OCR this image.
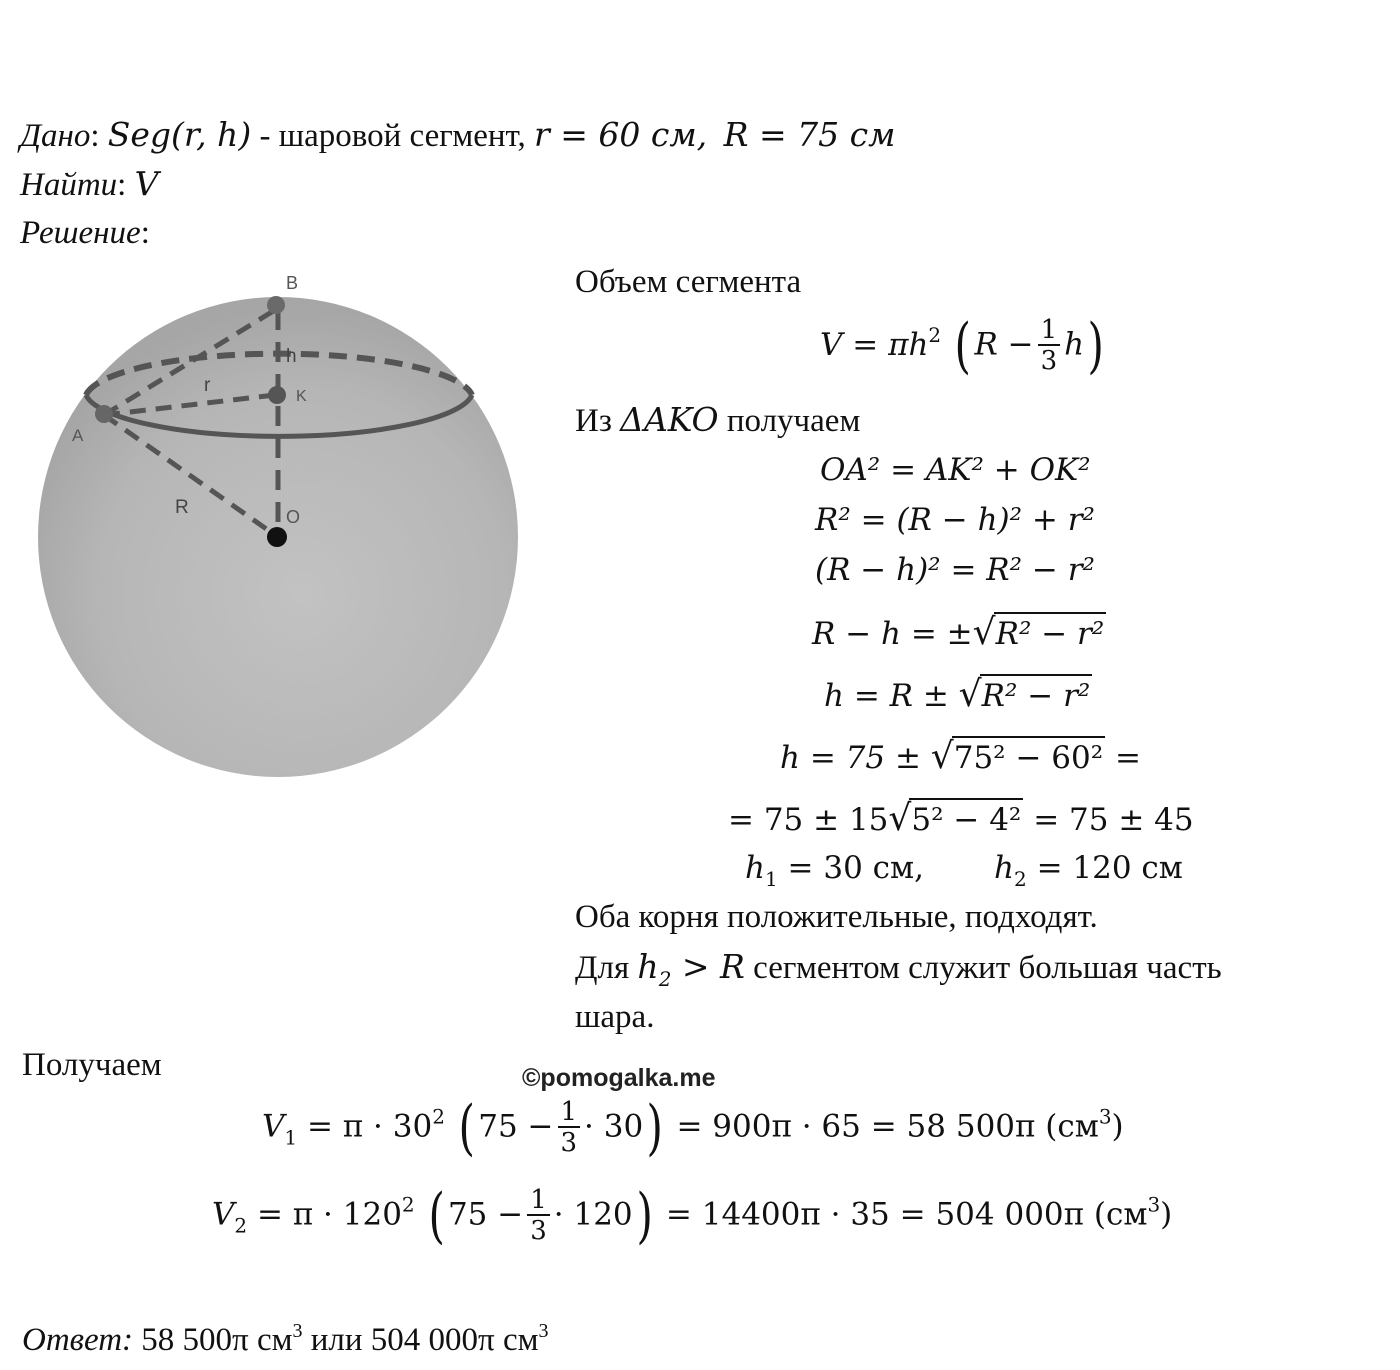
Дано: Seg(r, h) - шаровой сегмент, r = 60 см, R = 75 см
Найти: V
Решение:
B
h
r
K
A
R	O
Объем сегмента
$V = \pi h^2$ ( $R - \frac{1}{3} h$)
Из ΔAKO получаем
OA² = AK² + OK²
R² = (R − h)² + r²
(R − h)² = R² − r²
R − h = ±√R² − r²
h = R ± √R² − r²
h = 75 ± √75² − 60² =
= 75 ± 15√5² − 4² = 75 ± 45
$h_1 = 30$ см, $h_2 = 120$ см
Оба корня положительные, подходят.
Для $h_2 > R$ сегментом служит большая часть
шара.
Получаем	©pomogalka.me
$V_1 = \pi \cdot 30^2$ ( $75 - \frac{1}{3} \cdot 30) = 900\pi \cdot 65 = 58$ 500π $(см^3)$
$V_2 = \pi \cdot 120^2$ ( $75 - \frac{1}{3} \cdot 120) = 14400\pi \cdot 35 = 504$ 000π $(см^3)$
Ответ: 58 500π $см^3$ или 504 000π $см^3$
